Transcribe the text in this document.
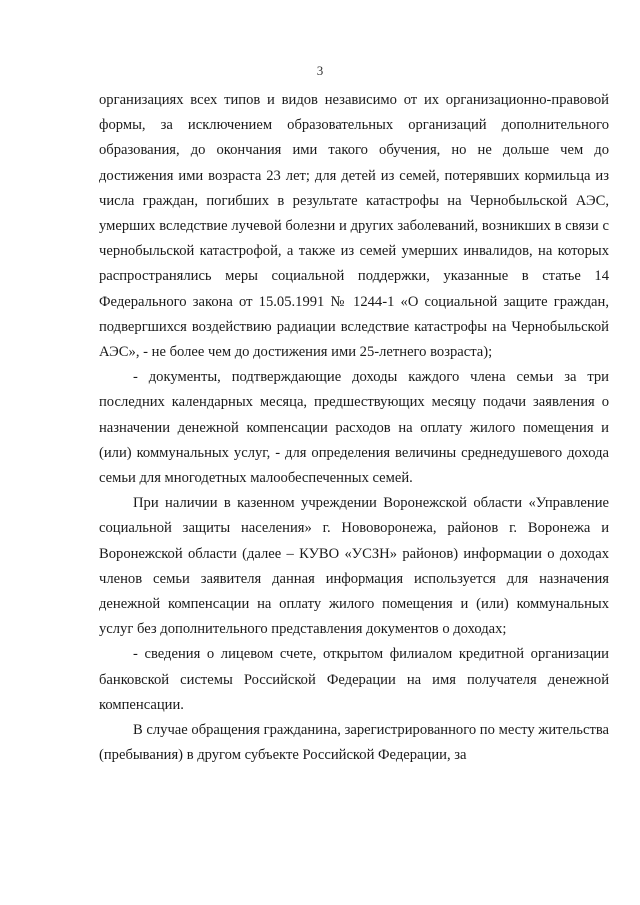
3

организациях всех типов и видов независимо от их организационно-правовой формы, за исключением образовательных организаций дополнительного образования, до окончания ими такого обучения, но не дольше чем до достижения ими возраста 23 лет; для детей из семей, потерявших кормильца из числа граждан, погибших в результате катастрофы на Чернобыльской АЭС, умерших вследствие лучевой болезни и других заболеваний, возникших в связи с чернобыльской катастрофой, а также из семей умерших инвалидов, на которых распространялись меры социальной поддержки, указанные в статье 14 Федерального закона от 15.05.1991 № 1244-1 «О социальной защите граждан, подвергшихся воздействию радиации вследствие катастрофы на Чернобыльской АЭС», - не более чем до достижения ими 25-летнего возраста);

- документы, подтверждающие доходы каждого члена семьи за три последних календарных месяца, предшествующих месяцу подачи заявления о назначении денежной компенсации расходов на оплату жилого помещения и (или) коммунальных услуг, - для определения величины среднедушевого дохода семьи для многодетных малообеспеченных семей.

При наличии в казенном учреждении Воронежской области «Управление социальной защиты населения» г. Нововоронежа, районов г. Воронежа и Воронежской области (далее – КУВО «УСЗН» районов) информации о доходах членов семьи заявителя данная информация используется для назначения денежной компенсации на оплату жилого помещения и (или) коммунальных услуг без дополнительного представления документов о доходах;

- сведения о лицевом счете, открытом филиалом кредитной организации банковской системы Российской Федерации на имя получателя денежной компенсации.

В случае обращения гражданина, зарегистрированного по месту жительства (пребывания) в другом субъекте Российской Федерации, за
